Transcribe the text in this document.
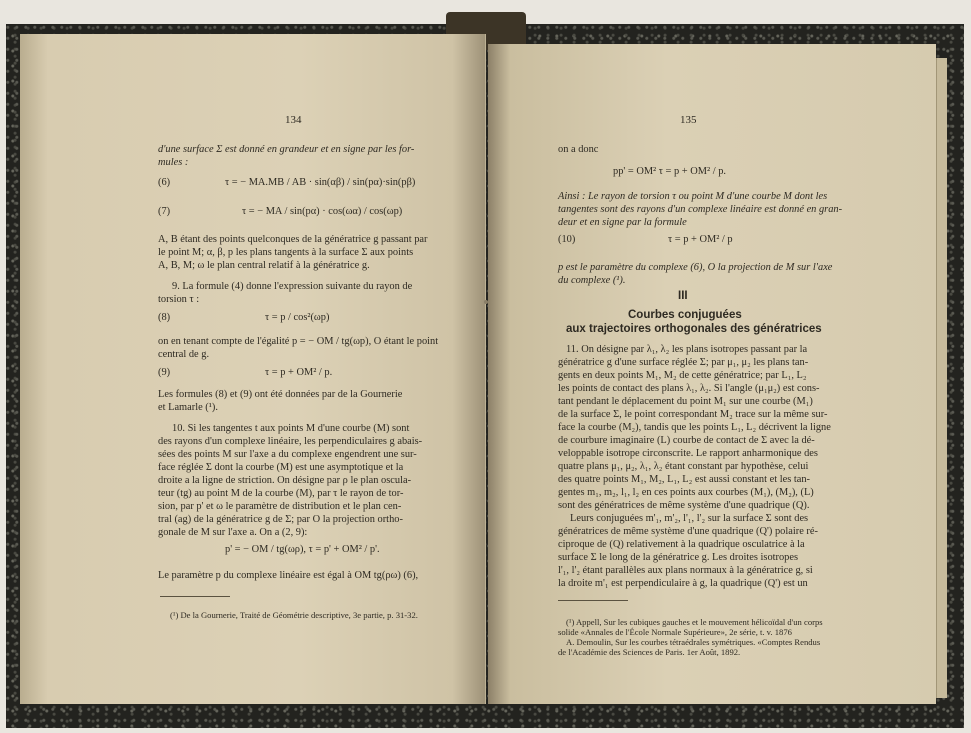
134
d'une surface Σ est donné en grandeur et en signe par les for-
mules :
(6)	τ = − MA.MB / AB · sin(αβ) / sin(pα)·sin(pβ)
(7)	τ = − MA / sin(pα) · cos(ωα) / cos(ωp)
A, B étant des points quelconques de la génératrice g passant par
le point M; α, β, p les plans tangents à la surface Σ aux points
A, B, M; ω le plan central relatif à la génératrice g.
9. La formule (4) donne l'expression suivante du rayon de
torsion τ :
(8)	τ = p / cos²(ωp)
on en tenant compte de l'égalité p = − OM / tg(ωp), O étant le point
central de g.
(9)	τ = p + OM² / p.
Les formules (8) et (9) ont été données par de la Gournerie
et Lamarle (¹).
10. Si les tangentes t aux points M d'une courbe (M) sont
des rayons d'un complexe linéaire, les perpendiculaires g abais-
sées des points M sur l'axe a du complexe engendrent une sur-
face réglée Σ dont la courbe (M) est une asymptotique et la
droite a la ligne de striction. On désigne par ρ le plan oscula-
teur (tg) au point M de la courbe (M), par τ le rayon de tor-
sion, par p' et ω le paramètre de distribution et le plan cen-
tral (ag) de la génératrice g de Σ; par O la projection ortho-
gonale de M sur l'axe a. On a (2, 9):
p' = − OM / tg(ωρ), τ = p' + OM² / p'.
Le paramètre p du complexe linéaire est égal à OM tg(ρω) (6),
(¹) De la Gournerie, Traité de Géométrie descriptive, 3e partie, p. 31-32.
135
on a donc
pp' = OM² τ = p + OM² / p.
Ainsi : Le rayon de torsion τ ou point M d'une courbe M dont les
tangentes sont des rayons d'un complexe linéaire est donné en gran-
deur et en signe par la formule
(10)	τ = p + OM² / p
p est le paramètre du complexe (6), O la projection de M sur l'axe
du complexe (¹).
III
Courbes conjuguées
aux trajectoires orthogonales des génératrices
11. On désigne par λ₁, λ₂ les plans isotropes passant par la
génératrice g d'une surface réglée Σ; par μ₁, μ₂ les plans tan-
gents en deux points M₁, M₂ de cette génératrice; par L₁, L₂
les points de contact des plans λ₁, λ₂. Si l'angle (μ₁μ₂) est cons-
tant pendant le déplacement du point M₁ sur une courbe (M₁)
de la surface Σ, le point correspondant M₂ trace sur la même sur-
face la courbe (M₂), tandis que les points L₁, L₂ décrivent la ligne
de courbure imaginaire (L) courbe de contact de Σ avec la dé-
veloppable isotrope circonscrite. Le rapport anharmonique des
quatre plans μ₁, μ₂, λ₁, λ₂ étant constant par hypothèse, celui
des quatre points M₁, M₂, L₁, L₂ est aussi constant et les tan-
gentes m₁, m₂, l₁, l₂ en ces points aux courbes (M₁), (M₂), (L)
sont des génératrices de même système d'une quadrique (Q).
Leurs conjuguées m'₁, m'₂, l'₁, l'₂ sur la surface Σ sont des
génératrices de même système d'une quadrique (Q') polaire ré-
ciproque de (Q) relativement à la quadrique osculatrice à la
surface Σ le long de la génératrice g. Les droites isotropes
l'₁, l'₂ étant parallèles aux plans normaux à la génératrice g, si
la droite m'₁ est perpendiculaire à g, la quadrique (Q') est un
(¹) Appell, Sur les cubiques gauches et le mouvement hélicoïdal d'un corps
solide «Annales de l'École Normale Supérieure», 2e série, t. v. 1876
A. Demoulin, Sur les courbes tétraédrales symétriques. «Comptes Rendus
de l'Académie des Sciences de Paris. 1er Août, 1892.
